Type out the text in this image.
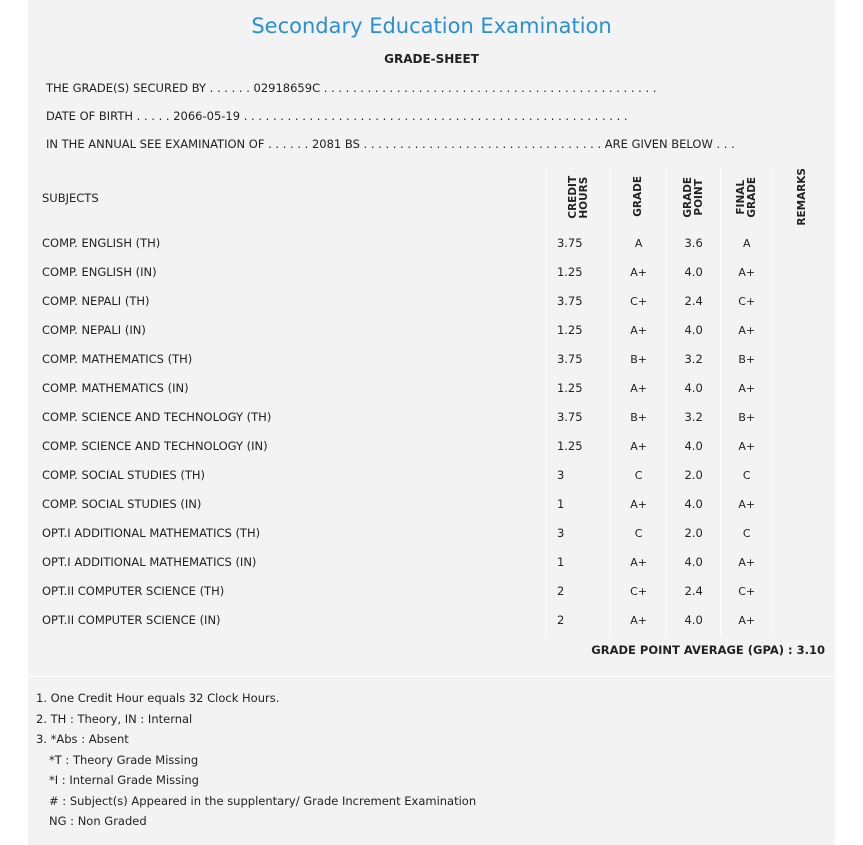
Secondary Education Examination
GRADE-SHEET
THE GRADE(S) SECURED BY . . . . . . 02918659C . . . . . . . . . . . . . . . . . . . . . . . . . . . . . . . . . . . . . . . . . . . . . .
DATE OF BIRTH . . . . . 2066-05-19 . . . . . . . . . . . . . . . . . . . . . . . . . . . . . . . . . . . . . . . . . . . . . . . . . . . . .
IN THE ANNUAL SEE EXAMINATION OF . . . . . . 2081 BS . . . . . . . . . . . . . . . . . . . . . . . . . . . . . . . . . ARE GIVEN BELOW . . .
SUBJECTS	CREDIT HOURS	GRADE	GRADE POINT	FINAL GRADE	REMARKS
COMP. ENGLISH (TH)	3.75	A	3.6	A	
COMP. ENGLISH (IN)	1.25	A+	4.0	A+	
COMP. NEPALI (TH)	3.75	C+	2.4	C+	
COMP. NEPALI (IN)	1.25	A+	4.0	A+	
COMP. MATHEMATICS (TH)	3.75	B+	3.2	B+	
COMP. MATHEMATICS (IN)	1.25	A+	4.0	A+	
COMP. SCIENCE AND TECHNOLOGY (TH)	3.75	B+	3.2	B+	
COMP. SCIENCE AND TECHNOLOGY (IN)	1.25	A+	4.0	A+	
COMP. SOCIAL STUDIES (TH)	3	C	2.0	C	
COMP. SOCIAL STUDIES (IN)	1	A+	4.0	A+	
OPT.I ADDITIONAL MATHEMATICS (TH)	3	C	2.0	C	
OPT.I ADDITIONAL MATHEMATICS (IN)	1	A+	4.0	A+	
OPT.II COMPUTER SCIENCE (TH)	2	C+	2.4	C+	
OPT.II COMPUTER SCIENCE (IN)	2	A+	4.0	A+	
GRADE POINT AVERAGE (GPA) : 3.10
1. One Credit Hour equals 32 Clock Hours.
2. TH : Theory, IN : Internal
3. *Abs : Absent
*T : Theory Grade Missing
*I : Internal Grade Missing
# : Subject(s) Appeared in the supplentary/ Grade Increment Examination
NG : Non Graded
